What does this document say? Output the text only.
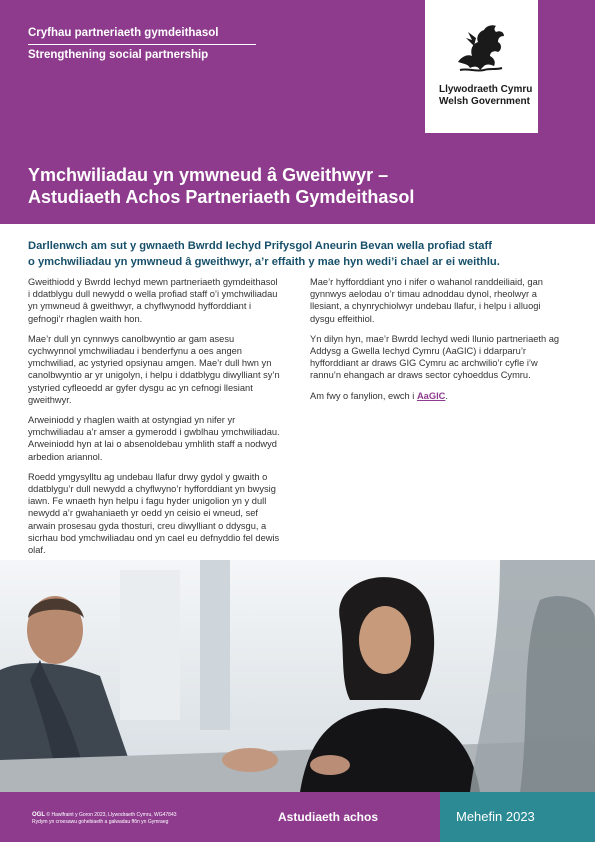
Cryfhau partneriaeth gymdeithasol
Strengthening social partnership
Llywodraeth Cymru
Welsh Government
Ymchwiliadau yn ymwneud â Gweithwyr –
Astudiaeth Achos Partneriaeth Gymdeithasol
Darllenwch am sut y gwnaeth Bwrdd Iechyd Prifysgol Aneurin Bevan wella profiad staff
o ymchwiliadau yn ymwneud â gweithwyr, a’r effaith y mae hyn wedi’i chael ar ei weithlu.

Gweithiodd y Bwrdd Iechyd mewn partneriaeth gymdeithasol i ddatblygu dull newydd o wella profiad staff o’i ymchwiliadau yn ymwneud â gweithwyr, a chyflwynodd hyfforddiant i gefnogi’r rhaglen waith hon.

Mae’r dull yn cynnwys canolbwyntio ar gam asesu cychwynnol ymchwiliadau i benderfynu a oes angen ymchwiliad, ac ystyried opsiynau amgen. Mae’r dull hwn yn canolbwyntio ar yr unigolyn, i helpu i ddatblygu diwylliant sy’n ystyried cyfleoedd ar gyfer dysgu ac yn cefnogi llesiant gweithwyr.

Arweiniodd y rhaglen waith at ostyngiad yn nifer yr ymchwiliadau a’r amser a gymerodd i gwblhau ymchwiliadau. Arweiniodd hyn at lai o absenoldebau ymhlith staff a nodwyd arbedion ariannol.

Roedd ymgysylltu ag undebau llafur drwy gydol y gwaith o ddatblygu’r dull newydd a chyflwyno’r hyfforddiant yn bwysig iawn. Fe wnaeth hyn helpu i fagu hyder unigolion yn y dull newydd a’r gwahaniaeth yr oedd yn ceisio ei wneud, sef arwain prosesau gyda thosturi, creu diwylliant o ddysgu, a sicrhau bod ymchwiliadau ond yn cael eu defnyddio fel dewis olaf.

Mae’r hyfforddiant yno i nifer o wahanol randdeiliaid, gan gynnwys aelodau o’r timau adnoddau dynol, rheolwyr a llesiant, a chynrychiolwyr undebau llafur, i helpu i alluogi dysgu effeithiol.

Yn dilyn hyn, mae’r Bwrdd Iechyd wedi llunio partneriaeth ag Addysg a Gwella Iechyd Cymru (AaGIC) i ddarparu’r hyfforddiant ar draws GIG Cymru ac archwilio’r cyfle i’w rannu’n ehangach ar draws sector cyhoeddus Cymru.

Am fwy o fanylion, ewch i AaGIC.

OGL © Hawlfraint y Goron 2023, Llywodraeth Cymru, WG47843
Rydym yn croesawu gohebiaeth a galwadau ffôn yn Gymraeg	Astudiaeth achos	Mehefin 2023
